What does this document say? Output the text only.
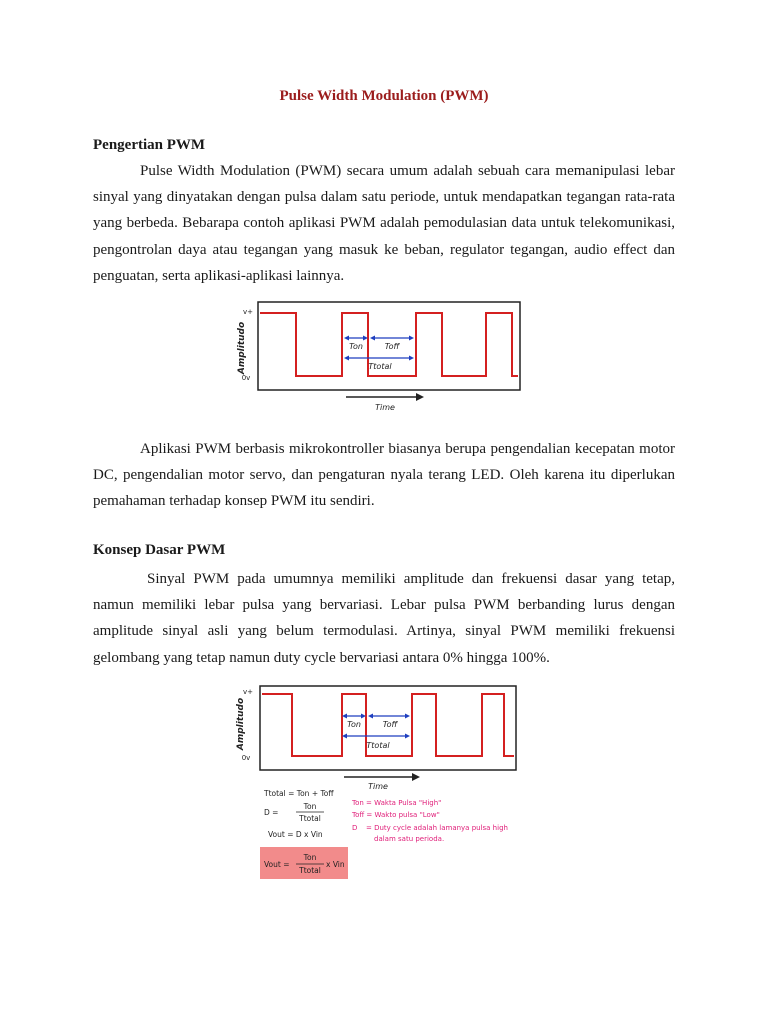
Pulse Width Modulation (PWM)
Pengertian PWM

Pulse Width Modulation (PWM) secara umum adalah sebuah cara memanipulasi lebar sinyal yang dinyatakan dengan pulsa dalam satu periode, untuk mendapatkan tegangan rata-rata yang berbeda. Bebarapa contoh aplikasi PWM adalah pemodulasian data untuk telekomunikasi, pengontrolan daya atau tegangan yang masuk ke beban, regulator tegangan, audio effect dan penguatan, serta aplikasi-aplikasi lainnya.

v+
0v
Amplitudo	Ton	Toff
Ttotal
Time

Aplikasi PWM berbasis mikrokontroller biasanya berupa pengendalian kecepatan motor DC, pengendalian motor servo, dan pengaturan nyala terang LED. Oleh karena itu diperlukan pemahaman terhadap konsep PWM itu sendiri.

Konsep Dasar PWM

Sinyal PWM pada umumnya memiliki amplitude dan frekuensi dasar yang tetap, namun memiliki lebar pulsa yang bervariasi. Lebar pulsa PWM berbanding lurus dengan amplitude sinyal asli yang belum termodulasi. Artinya, sinyal PWM memiliki frekuensi gelombang yang tetap namun duty cycle bervariasi antara 0% hingga 100%.

v+
0v
Amplitudo	Ton	Toff
Ttotal
Time
Ttotal = Ton + Toff
D =
Ton
Ttotal
Vout = D x Vin
Vout =
Ton
Ttotal
x Vin
Ton = Wakta Pulsa "High"
Toff = Wakto pulsa "Low"
D = Duty cycle adalah lamanya pulsa high
dalam satu perioda.
